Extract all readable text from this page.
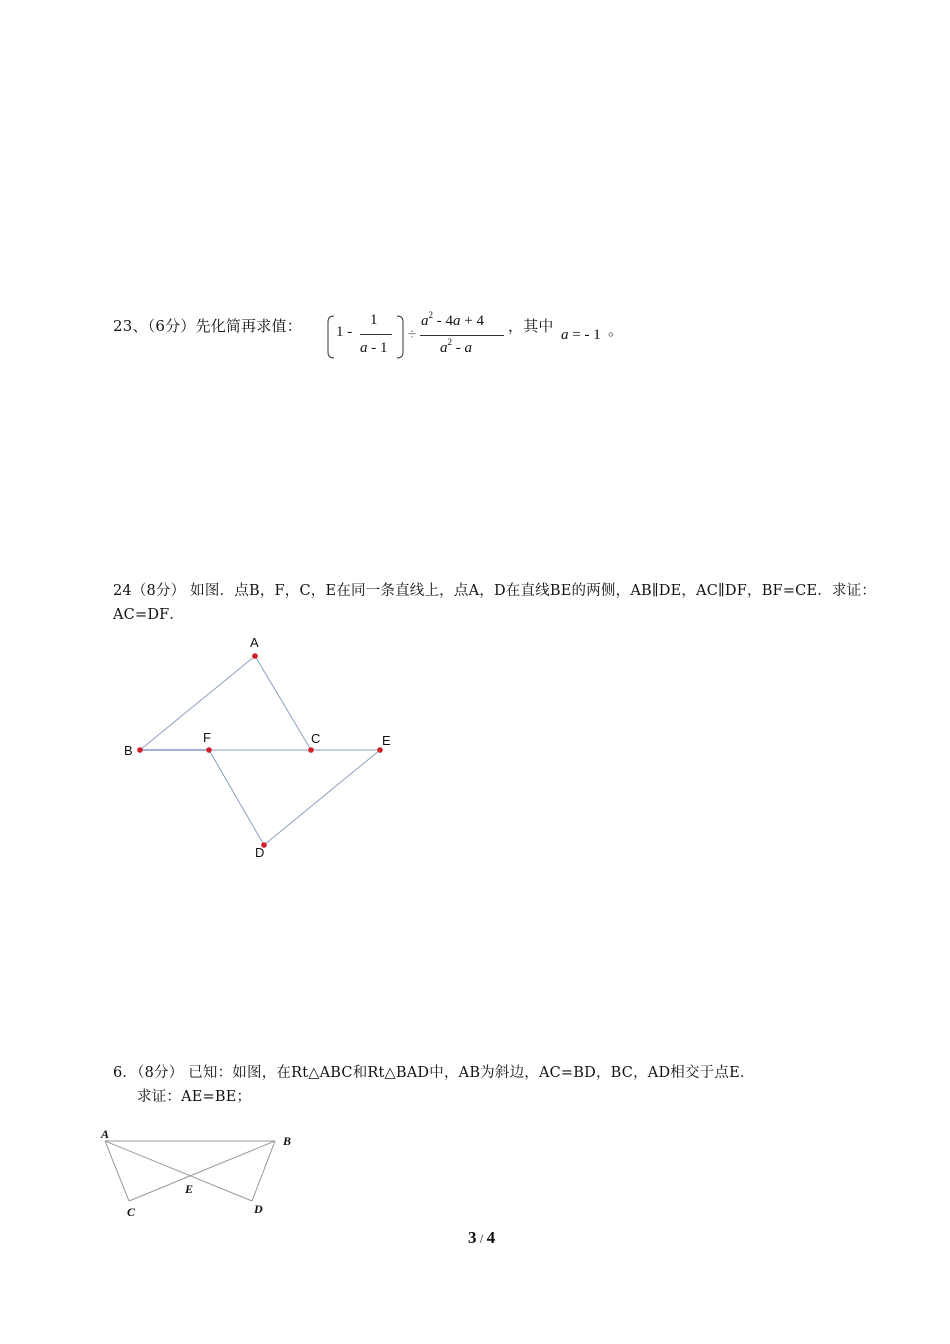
23、（6分）先化简再求值： 1 -
1
a - 1
÷
$a^2 - 4a + 4$
$a^2$ - a
，其中 a = - 1 。
24（8分） 如图．点B，F，C，E在同一条直线上，点A，D在直线BE的两侧，AB∥DE，AC∥DF，BF=CE．求证：
AC=DF．
A
B
F	C	E
D
6．（8分） 已知：如图，在Rt△ABC和Rt△BAD中，AB为斜边，AC=BD，BC，AD相交于点E．
求证：AE=BE；
A	B
C	D
E
3 / 4
